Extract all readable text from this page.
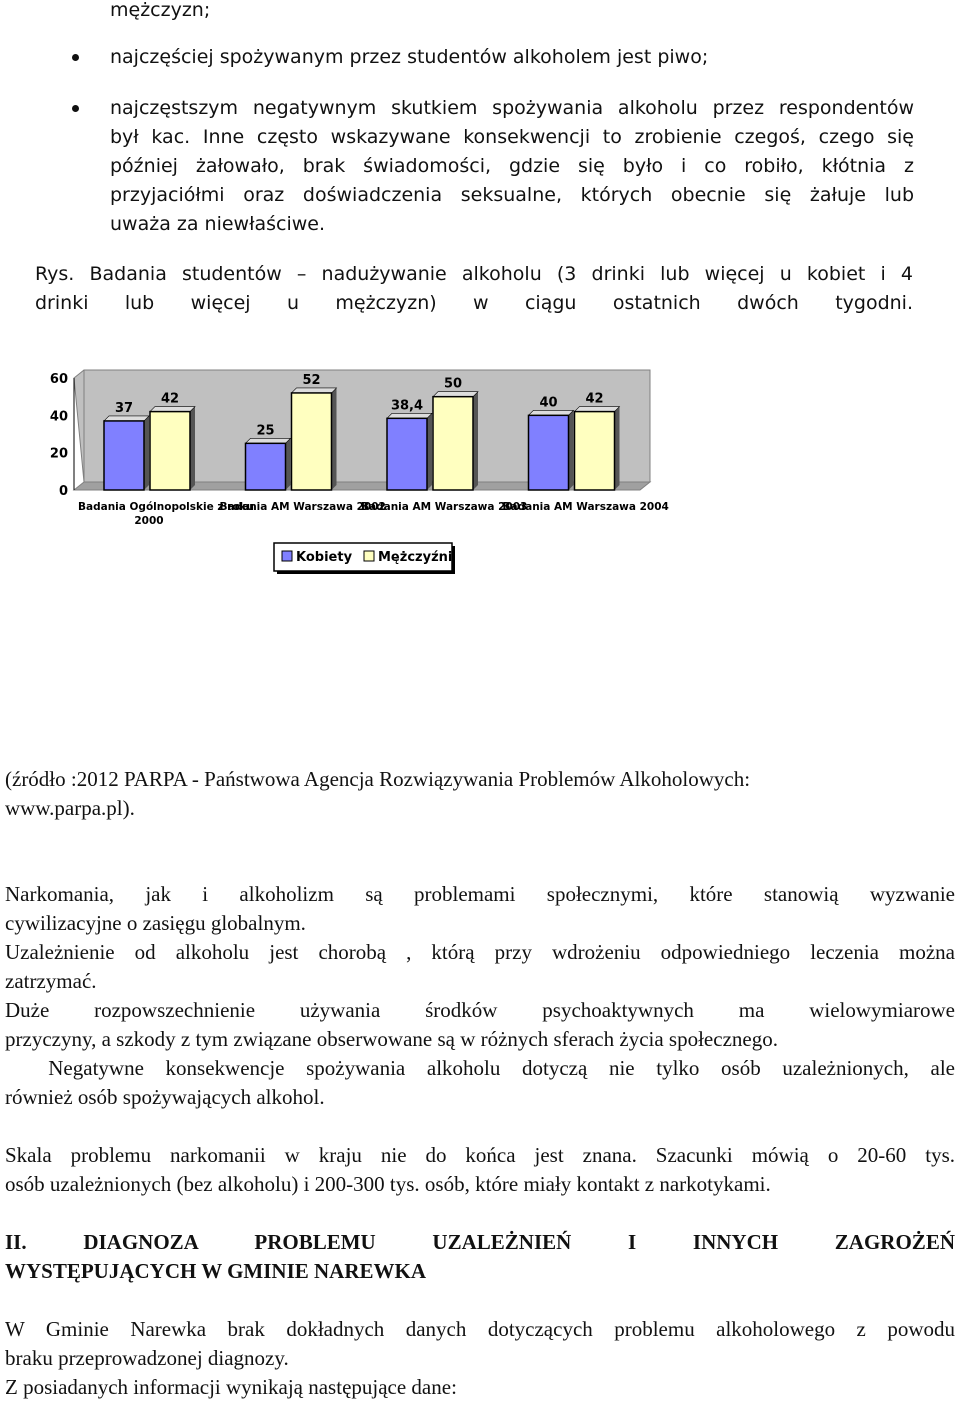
mężczyzn;
najczęściej spożywanym przez studentów alkoholem jest piwo;
najczęstszym negatywnym skutkiem spożywania alkoholu przez respondentów
był kac. Inne często wskazywane konsekwencji to zrobienie czegoś, czego się
później żałowało, brak świadomości, gdzie się było i co robiło, kłótnia z
przyjaciółmi oraz doświadczenia seksualne, których obecnie się żałuje lub
uważa za niewłaściwe.
Rys. Badania studentów – nadużywanie alkoholu (3 drinki lub więcej u kobiet i 4
drinki lub więcej u mężczyzn) w ciągu ostatnich dwóch tygodni.
0
20
40
60
37
42
Badania Ogólnopolskie z roku
25
52
Badania AM Warszawa 2002
38,4
50
Badania AM Warszawa 2003
40 42
Badania AM Warszawa 2004
2000
Kobiety Mężczyźni
(źródło :2012 PARPA - Państwowa Agencja Rozwiązywania Problemów Alkoholowych:
www.parpa.pl).
Narkomania, jak i alkoholizm są problemami społecznymi, które stanowią wyzwanie
cywilizacyjne o zasięgu globalnym.
Uzależnienie od alkoholu jest chorobą , którą przy wdrożeniu odpowiedniego leczenia można
zatrzymać.
Duże rozpowszechnienie używania środków psychoaktywnych ma wielowymiarowe
przyczyny, a szkody z tym związane obserwowane są w różnych sferach życia społecznego.
Negatywne konsekwencje spożywania alkoholu dotyczą nie tylko osób uzależnionych, ale
również osób spożywających alkohol.
Skala problemu narkomanii w kraju nie do końca jest znana. Szacunki mówią o 20-60 tys.
osób uzależnionych (bez alkoholu) i 200-300 tys. osób, które miały kontakt z narkotykami.
II. DIAGNOZA PROBLEMU UZALEŻNIEŃ I INNYCH ZAGROŻEŃ
WYSTĘPUJĄCYCH W GMINIE NAREWKA
W Gminie Narewka brak dokładnych danych dotyczących problemu alkoholowego z powodu
braku przeprowadzonej diagnozy.
Z posiadanych informacji wynikają następujące dane:
